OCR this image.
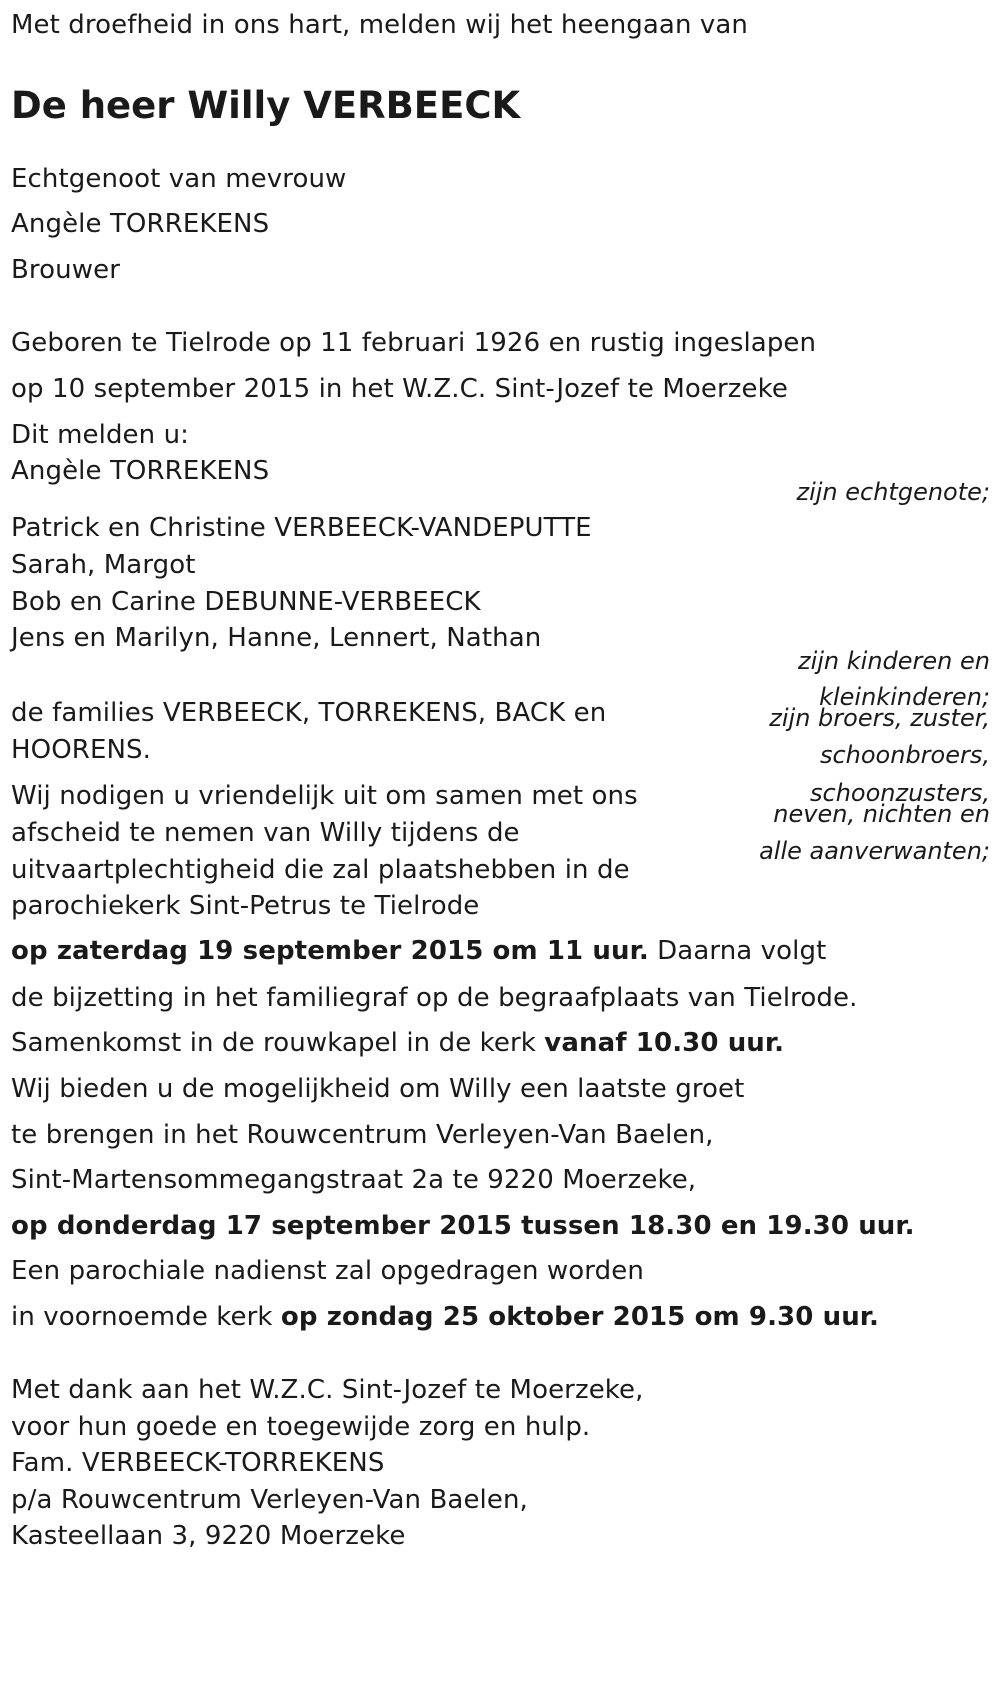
Met droefheid in ons hart, melden wij het heengaan van

De heer Willy VERBEECK

Echtgenoot van mevrouw

Angèle TORREKENS

Brouwer

Geboren te Tielrode op 11 februari 1926 en rustig ingeslapen

op 10 september 2015 in het W.Z.C. Sint-Jozef te Moerzeke

Dit melden u:

Angèle TORREKENS

zijn echtgenote;

Patrick en Christine VERBEECK-VANDEPUTTE

Sarah, Margot

Bob en Carine DEBUNNE-VERBEECK

Jens en Marilyn, Hanne, Lennert, Nathan

zijn kinderen en

kleinkinderen;

de families VERBEECK, TORREKENS, BACK en

HOORENS.

zijn broers, zuster,

schoonbroers,

schoonzusters,

neven, nichten en

alle aanverwanten;

Wij nodigen u vriendelijk uit om samen met ons

afscheid te nemen van Willy tijdens de

uitvaartplechtigheid die zal plaatshebben in de

parochiekerk Sint-Petrus te Tielrode

op zaterdag 19 september 2015 om 11 uur. Daarna volgt

de bijzetting in het familiegraf op de begraafplaats van Tielrode.

Samenkomst in de rouwkapel in de kerk vanaf 10.30 uur.

Wij bieden u de mogelijkheid om Willy een laatste groet

te brengen in het Rouwcentrum Verleyen-Van Baelen,

Sint-Martensommegangstraat 2a te 9220 Moerzeke,

op donderdag 17 september 2015 tussen 18.30 en 19.30 uur.

Een parochiale nadienst zal opgedragen worden

in voornoemde kerk op zondag 25 oktober 2015 om 9.30 uur.

Met dank aan het W.Z.C. Sint-Jozef te Moerzeke,

voor hun goede en toegewijde zorg en hulp.

Fam. VERBEECK-TORREKENS

p/a Rouwcentrum Verleyen-Van Baelen,

Kasteellaan 3, 9220 Moerzeke
